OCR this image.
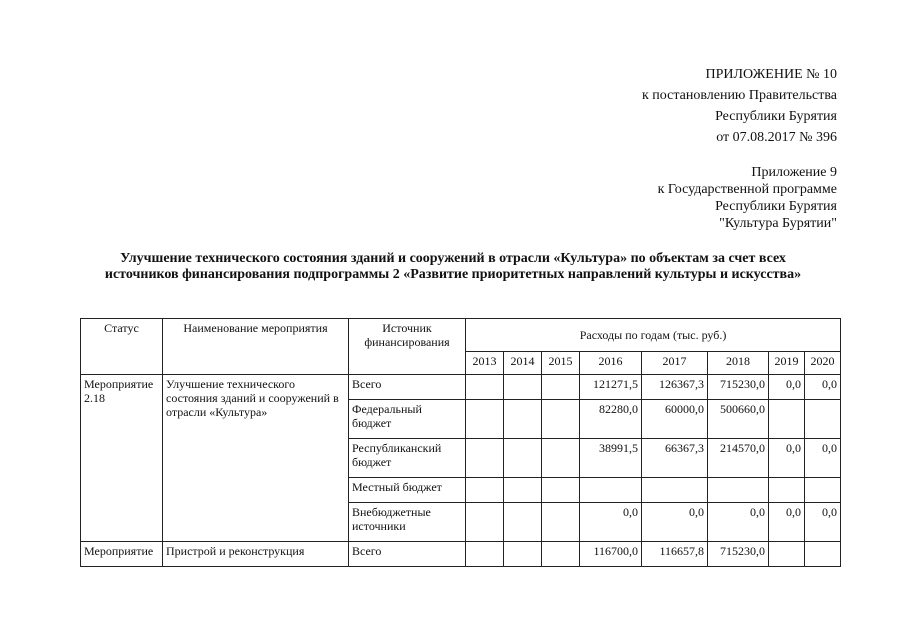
ПРИЛОЖЕНИЕ № 10
к постановлению Правительства
Республики Бурятия
от 07.08.2017 № 396
Приложение 9
к Государственной программе
Республики Бурятия
"Культура Бурятии"
Улучшение технического состояния зданий и сооружений в отрасли «Культура» по объектам за счет всех источников финансирования подпрограммы 2 «Развитие приоритетных направлений культуры и искусства»
Статус	Наименование мероприятия	Источник финансирования	Расходы по годам (тыс. руб.)							
			2013	2014	2015	2016	2017	2018	2019	2020
Мероприятие 2.18	Улучшение технического состояния зданий и сооружений в отрасли «Культура»	Всего				121271,5	126367,3	715230,0	0,0	0,0
		Федеральный бюджет				82280,0	60000,0	500660,0		
		Республиканский бюджет				38991,5	66367,3	214570,0	0,0	0,0
		Местный бюджет								
		Внебюджетные источники				0,0	0,0	0,0	0,0	0,0
Мероприятие	Пристрой и реконструкция	Всего				116700,0	116657,8	715230,0		
